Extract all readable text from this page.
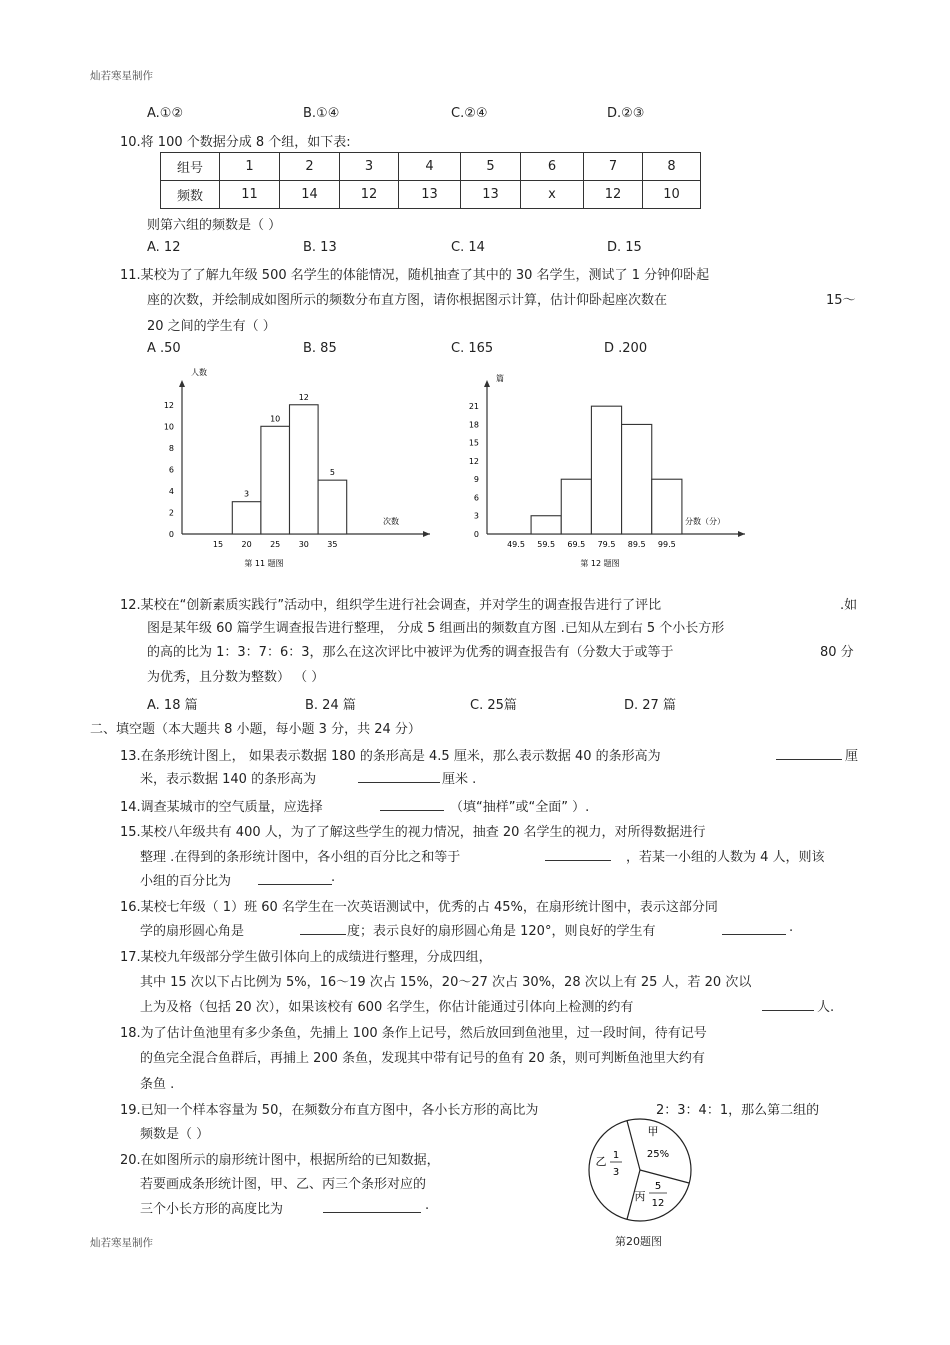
灿若寒星制作
A.①②	B.①④	C.②④	D.②③
10.将 100 个数据分成 8 个组，如下表:
组号	1	2	3	4	5	6	7	8
频数	11	14	12	13	13	x	12	10
则第六组的频数是（ ）
A. 12	B. 13	C. 14	D. 15
11.某校为了了解九年级 500 名学生的体能情况，随机抽查了其中的 30 名学生，测试了 1 分钟仰卧起
座的次数，并绘制成如图所示的频数分布直方图，请你根据图示计算，估计仰卧起座次数在	15～
20 之间的学生有（ ）
A .50	B. 85	C. 165	D .200
0
2
4
6
8
10
12
15 20 25 30 35
3
10
12
5
人数
次数
第 11 题图
0
3
6
9
12
15
18
21
49.5 59.5 69.5 79.5 89.5 99.5
篇
分数（分）
第 12 题图
12.某校在“创新素质实践行”活动中，组织学生进行社会调查，并对学生的调查报告进行了评比	.如
图是某年级 60 篇学生调查报告进行整理， 分成 5 组画出的频数直方图 .已知从左到右 5 个小长方形
的高的比为 1：3：7：6：3，那么在这次评比中被评为优秀的调查报告有（分数大于或等于	80 分
为优秀，且分数为整数） （ ）
A. 18 篇	B. 24 篇	C. 25篇	D. 27 篇
二、填空题（本大题共 8 小题，每小题 3 分，共 24 分）
13.在条形统计图上， 如果表示数据 180 的条形高是 4.5 厘米，那么表示数据 40 的条形高为	厘
米，表示数据 140 的条形高为	厘米 .
14.调查某城市的空气质量，应选择	（填“抽样”或“全面” ）.
15.某校八年级共有 400 人，为了了解这些学生的视力情况，抽查 20 名学生的视力，对所得数据进行
整理 .在得到的条形统计图中，各小组的百分比之和等于	，若某一小组的人数为 4 人，则该
小组的百分比为	.
16.某校七年级（ 1）班 60 名学生在一次英语测试中，优秀的占 45%，在扇形统计图中，表示这部分同
学的扇形圆心角是	度；表示良好的扇形圆心角是 120°，则良好的学生有	.
17.某校九年级部分学生做引体向上的成绩进行整理，分成四组，
其中 15 次以下占比例为 5%，16～19 次占 15%，20～27 次占 30%，28 次以上有 25 人，若 20 次以
上为及格（包括 20 次），如果该校有 600 名学生，你估计能通过引体向上检测的约有	人.
18.为了估计鱼池里有多少条鱼，先捕上 100 条作上记号，然后放回到鱼池里，过一段时间，待有记号
的鱼完全混合鱼群后，再捕上 200 条鱼，发现其中带有记号的鱼有 20 条，则可判断鱼池里大约有
条鱼 .
19.已知一个样本容量为 50，在频数分布直方图中，各小长方形的高比为	2：3：4：1，那么第二组的
频数是（ ）
20.在如图所示的扇形统计图中，根据所给的已知数据，
若要画成条形统计图，甲、乙、丙三个条形对应的
三个小长方形的高度比为	.
甲
25%
乙 1
3
丙
5
12
第20题图
灿若寒星制作
